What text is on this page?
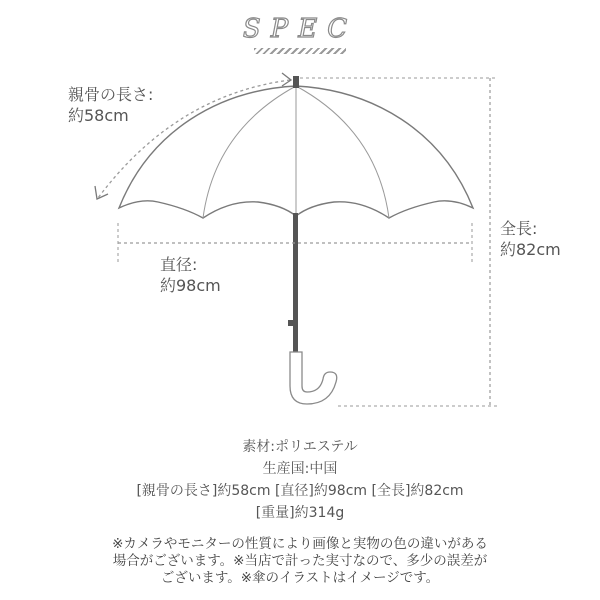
SPEC
親骨の長さ:
約58cm
直径:
約98cm
全長:
約82cm
素材:ポリエステル
生産国:中国
[親骨の長さ]約58cm [直径]約98cm [全長]約82cm
[重量]約314g
※カメラやモニターの性質により画像と実物の色の違いがある
場合がございます。※当店で計った実寸なので、多少の誤差が
ございます。※傘のイラストはイメージです。
